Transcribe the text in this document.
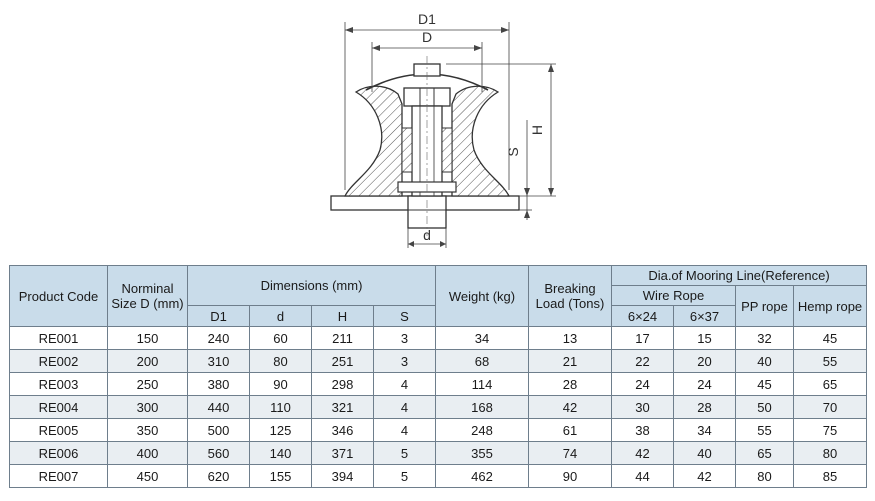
D1
D
H
S
d
Product Code	Norminal Size D (mm)	Dimensions (mm)				Weight (kg)	Breaking Load (Tons)	Dia.of Mooring Line(Reference)			
								Wire Rope		PP rope	Hemp rope
		D1	d	H	S			6×24	6×37		
RE001	150	240	60	211	3	34	13	17	15	32	45
RE002	200	310	80	251	3	68	21	22	20	40	55
RE003	250	380	90	298	4	114	28	24	24	45	65
RE004	300	440	110	321	4	168	42	30	28	50	70
RE005	350	500	125	346	4	248	61	38	34	55	75
RE006	400	560	140	371	5	355	74	42	40	65	80
RE007	450	620	155	394	5	462	90	44	42	80	85
